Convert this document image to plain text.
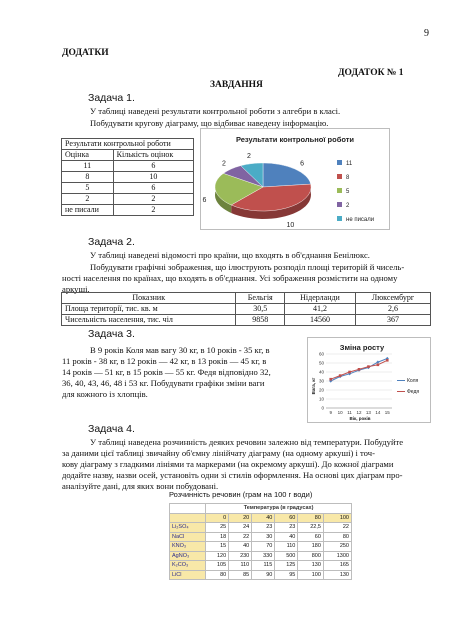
9
ДОДАТКИ
ДОДАТОК № 1
ЗАВДАННЯ
Задача 1.
У таблиці наведені результати контрольної роботи з алгебри в класі.
Побудувати кругову діаграму, що відбиває наведену інформацію.
Результати контрольної роботи	
Оцінка	Кількість оцінок
11	6
8	10
5	6
2	2
не писали	2
Результати контрольної роботи
6
10
6
2
2
11
8
5
2
не писали
Задача 2.
У таблиці наведені відомості про країни, що входять в об'єднання Бенілюкс.
Побудувати графічні зображення, що ілюструють розподіл площі територій й чисель-
ності населення по країнах, що входять в об'єднання. Усі зображення розмістити на одному
аркуші.
Показник	Бельгія	Нідерланди	Люксембург
Площа території, тис. кв. м	30,5	41,2	2,6
Чисельність населення, тис. чіл	9858	14560	367
Задача 3.
В 9 років Коля мав вагу 30 кг, в 10 років - 35 кг, в
11 років - 38 кг, в 12 років — 42 кг, в 13 років — 45 кг, в
14 років — 51 кг, в 15 років — 55 кг. Федя відповідно 32,
36, 40, 43, 46, 48 і 53 кг. Побудувати графіки зміни ваги
для кожного із хлопців.
Зміна росту
Вік, років
Вага, кг
0
10
20
30
40
50
60
9 10 11 12 13 14 15
Коля
Федя
Задача 4.
У таблиці наведена розчинність деяких речовин залежно від температури. Побудуйте
за даними цієї таблиці звичайну об'ємну лінійчату діаграму (на одному аркуші) і точ-
кову діаграму з гладкими лініями та маркерами (на окремому аркуші). До кожної діаграми
додайте назву, назви осей, установіть одни зі стилів оформлення. На основі цих діаграм про-
аналізуйте дані, для яких вони побудовані.
Розчинність речовин (грам на 100 г води)
	Температура (в градусах)					
	0	20	40	60	80	100
Li₂SO₄	25	24	23	23	22,5	22
NaCl	18	22	30	40	60	80
KNO₃	15	40	70	110	180	250
AgNO₃	120	230	330	500	800	1300
K₂CO₃	105	110	115	125	130	165
LiCl	80	85	90	95	100	130
